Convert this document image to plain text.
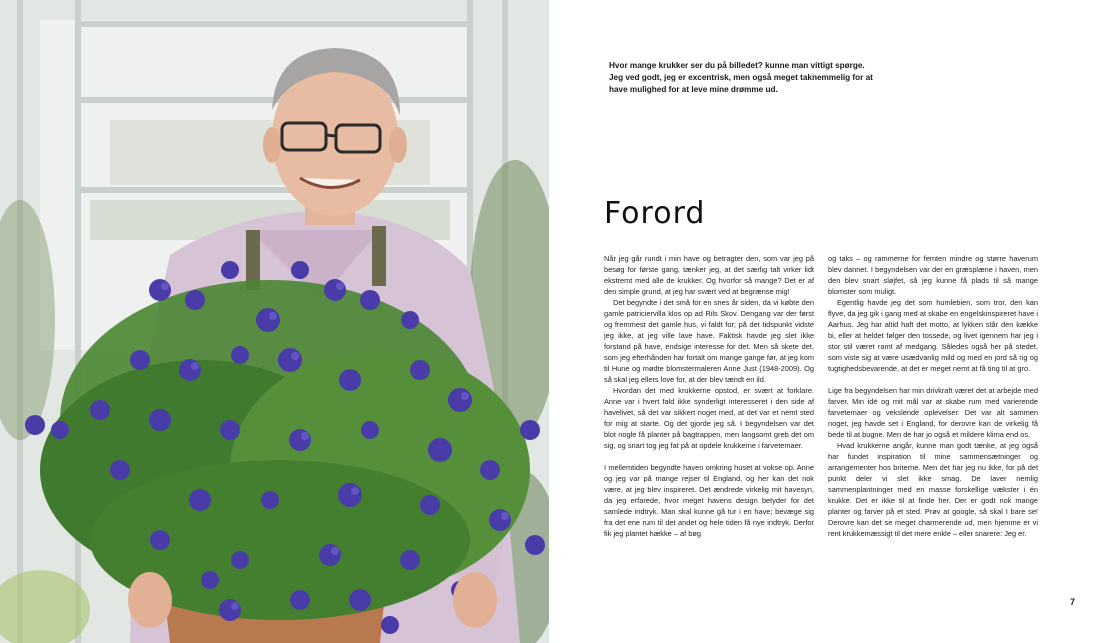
Hvor mange krukker ser du på billedet? kunne man vittigt spørge. Jeg ved godt, jeg er excentrisk, men også meget taknemmelig for at have mulighed for at leve mine drømme ud.

Forord

Når jeg går rundt i min have og betragter den, som var jeg på besøg for første gang, tænker jeg, at det særlig talt virker lidt ekstremt med alle de krukker. Og hvorfor så mange? Det er af den simple grund, at jeg har svært ved at begrænse mig!

Det begyndte i det små for en snes år siden, da vi købte den gamle patriciervilla klos op ad Rils Skov. Dengang var der først og fremmest det gamle hus, vi faldt for; på det tidspunkt vidste jeg ikke, at jeg ville lave have. Faktisk havde jeg slet ikke forstand på have, endsige interesse for det. Men så skete det, som jeg efterhånden har fortalt om mange gange før, at jeg kom til Hune og mødte blomstermaleren Anne Just (1948-2009). Og så skal jeg ellers love for, at der blev tændt en ild.

Hvordan det med krukkerne opstod, er svært at forklare. Anne var i hvert fald ikke synderligt interesseret i den side af havelivet, så det var sikkert noget med, at det var et nemt sted for mig at starte. Og det gjorde jeg så. I begyndelsen var det blot nogle få planter på bagtrappen, men langsomt greb det om sig, og snart tog jeg fat på at opdele krukkerne i farvetemaer.

I mellemtiden begyndte haven omkring huset at vokse op. Anne og jeg var på mange rejser til England, og her kan det nok være, at jeg blev inspireret. Det ændrede virkelig mit havesyn, da jeg erfarede, hvor meget havens design betyder for det samlede indtryk. Man skal kunne gå tur i en have; bevæge sig fra det ene rum til det andet og hele tiden få nye indtryk. Derfor fik jeg plantet hække – af bøg

og taks – og rammerne for femten mindre og større haverum blev dannet. I begyndelsen var der en græsplæne i haven, men den blev snart sløjfet, så jeg kunne få plads til så mange blomster som muligt.

Egentlig havde jeg det som humlebien, som tror, den kan flyve, da jeg gik i gang med at skabe en engelskinspireret have i Aarhus. Jeg har altid haft det motto, at lykken står den kække bi, eller at heldet følger den tossede, og livet igennem har jeg i stor stil været ramt af medgang. Således også her på stedet, som viste sig at være usædvanlig mild og med en jord så rig og tugtighedsbevarende, at det er meget nemt at få ting til at gro.

Lige fra begyndelsen har min drivkraft været det at arbejde med farver. Min idé og mit mål var at skabe rum med varierende farvetemaer og vekslende oplevelser. Det var alt sammen noget, jeg havde set i England, for derovre kan de virkelig få bede til at bugne. Men de har jo også et mildere klima end os.

Hvad krukkerne angår, kunne man godt tænke, at jeg også har fundet inspiration til mine sammensætninger og arrangementer hos briterne. Men det har jeg nu ikke, for på det punkt deler vi slet ikke smag. De laver nemlig sammenplantninger med en masse forskellige vækster i én krukke. Det er ikke til at finde her. Der er godt nok mange planter og farver på et sted. Prøv at google, så skal I bare se! Derovre kan det se meget charmerende ud, men hjemme er vi rent krukkemæssigt til det mere enkle – eller snarere: Jeg er.

7
